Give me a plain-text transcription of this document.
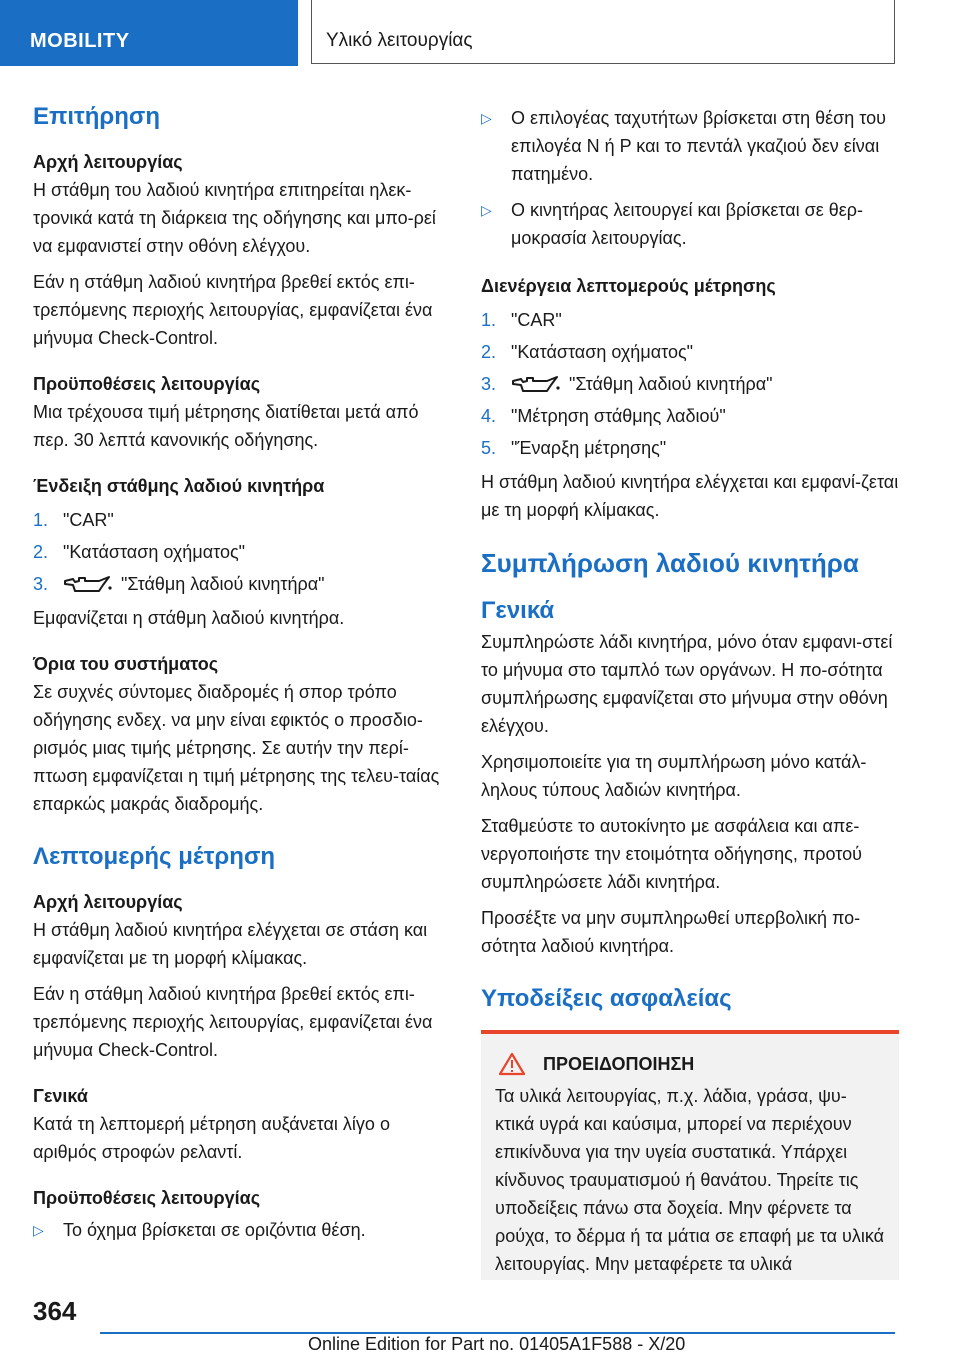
MOBILITY	Υλικό λειτουργίας
Επιτήρηση
Αρχή λειτουργίας
Η στάθμη του λαδιού κινητήρα επιτηρείται ηλεκ-τρονικά κατά τη διάρκεια της οδήγησης και μπο-ρεί να εμφανιστεί στην οθόνη ελέγχου.
Εάν η στάθμη λαδιού κινητήρα βρεθεί εκτός επι-τρεπόμενης περιοχής λειτουργίας, εμφανίζεται ένα μήνυμα Check-Control.
Προϋποθέσεις λειτουργίας
Μια τρέχουσα τιμή μέτρησης διατίθεται μετά από περ. 30 λεπτά κανονικής οδήγησης.
Ένδειξη στάθμης λαδιού κινητήρα
1. "CAR"
2. "Κατάσταση οχήματος"
3.	"Στάθμη λαδιού κινητήρα"
Εμφανίζεται η στάθμη λαδιού κινητήρα.
Όρια του συστήματος
Σε συχνές σύντομες διαδρομές ή σπορ τρόπο οδήγησης ενδεχ. να μην είναι εφικτός ο προσδιο-ρισμός μιας τιμής μέτρησης. Σε αυτήν την περί-πτωση εμφανίζεται η τιμή μέτρησης της τελευ-ταίας επαρκώς μακράς διαδρομής.
Λεπτομερής μέτρηση
Αρχή λειτουργίας
Η στάθμη λαδιού κινητήρα ελέγχεται σε στάση και εμφανίζεται με τη μορφή κλίμακας.
Εάν η στάθμη λαδιού κινητήρα βρεθεί εκτός επι-τρεπόμενης περιοχής λειτουργίας, εμφανίζεται ένα μήνυμα Check-Control.
Γενικά
Κατά τη λεπτομερή μέτρηση αυξάνεται λίγο ο αριθμός στροφών ρελαντί.
Προϋποθέσεις λειτουργίας
▷	Το όχημα βρίσκεται σε οριζόντια θέση.
▷	Ο επιλογέας ταχυτήτων βρίσκεται στη θέση του επιλογέα N ή P και το πεντάλ γκαζιού δεν είναι πατημένο.
▷	Ο κινητήρας λειτουργεί και βρίσκεται σε θερ-μοκρασία λειτουργίας.
Διενέργεια λεπτομερούς μέτρησης
1. "CAR"
2. "Κατάσταση οχήματος"
3.	"Στάθμη λαδιού κινητήρα"
4. "Μέτρηση στάθμης λαδιού"
5. "Έναρξη μέτρησης"
Η στάθμη λαδιού κινητήρα ελέγχεται και εμφανί-ζεται με τη μορφή κλίμακας.
Συμπλήρωση λαδιού κινητήρα
Γενικά
Συμπληρώστε λάδι κινητήρα, μόνο όταν εμφανι-στεί το μήνυμα στο ταμπλό των οργάνων. Η πο-σότητα συμπλήρωσης εμφανίζεται στο μήνυμα στην οθόνη ελέγχου.
Χρησιμοποιείτε για τη συμπλήρωση μόνο κατάλ-ληλους τύπους λαδιών κινητήρα.
Σταθμεύστε το αυτοκίνητο με ασφάλεια και απε-νεργοποιήστε την ετοιμότητα οδήγησης, προτού συμπληρώσετε λάδι κινητήρα.
Προσέξτε να μην συμπληρωθεί υπερβολική πο-σότητα λαδιού κινητήρα.
Υποδείξεις ασφαλείας
ΠΡΟΕΙΔΟΠΟΙΗΣΗ
Τα υλικά λειτουργίας, π.χ. λάδια, γράσα, ψυ-κτικά υγρά και καύσιμα, μπορεί να περιέχουν επικίνδυνα για την υγεία συστατικά. Υπάρχει κίνδυνος τραυματισμού ή θανάτου. Τηρείτε τις υποδείξεις πάνω στα δοχεία. Μην φέρνετε τα ρούχα, το δέρμα ή τα μάτια σε επαφή με τα υλικά λειτουργίας. Μην μεταφέρετε τα υλικά
364
Online Edition for Part no. 01405A1F588 - X/20
